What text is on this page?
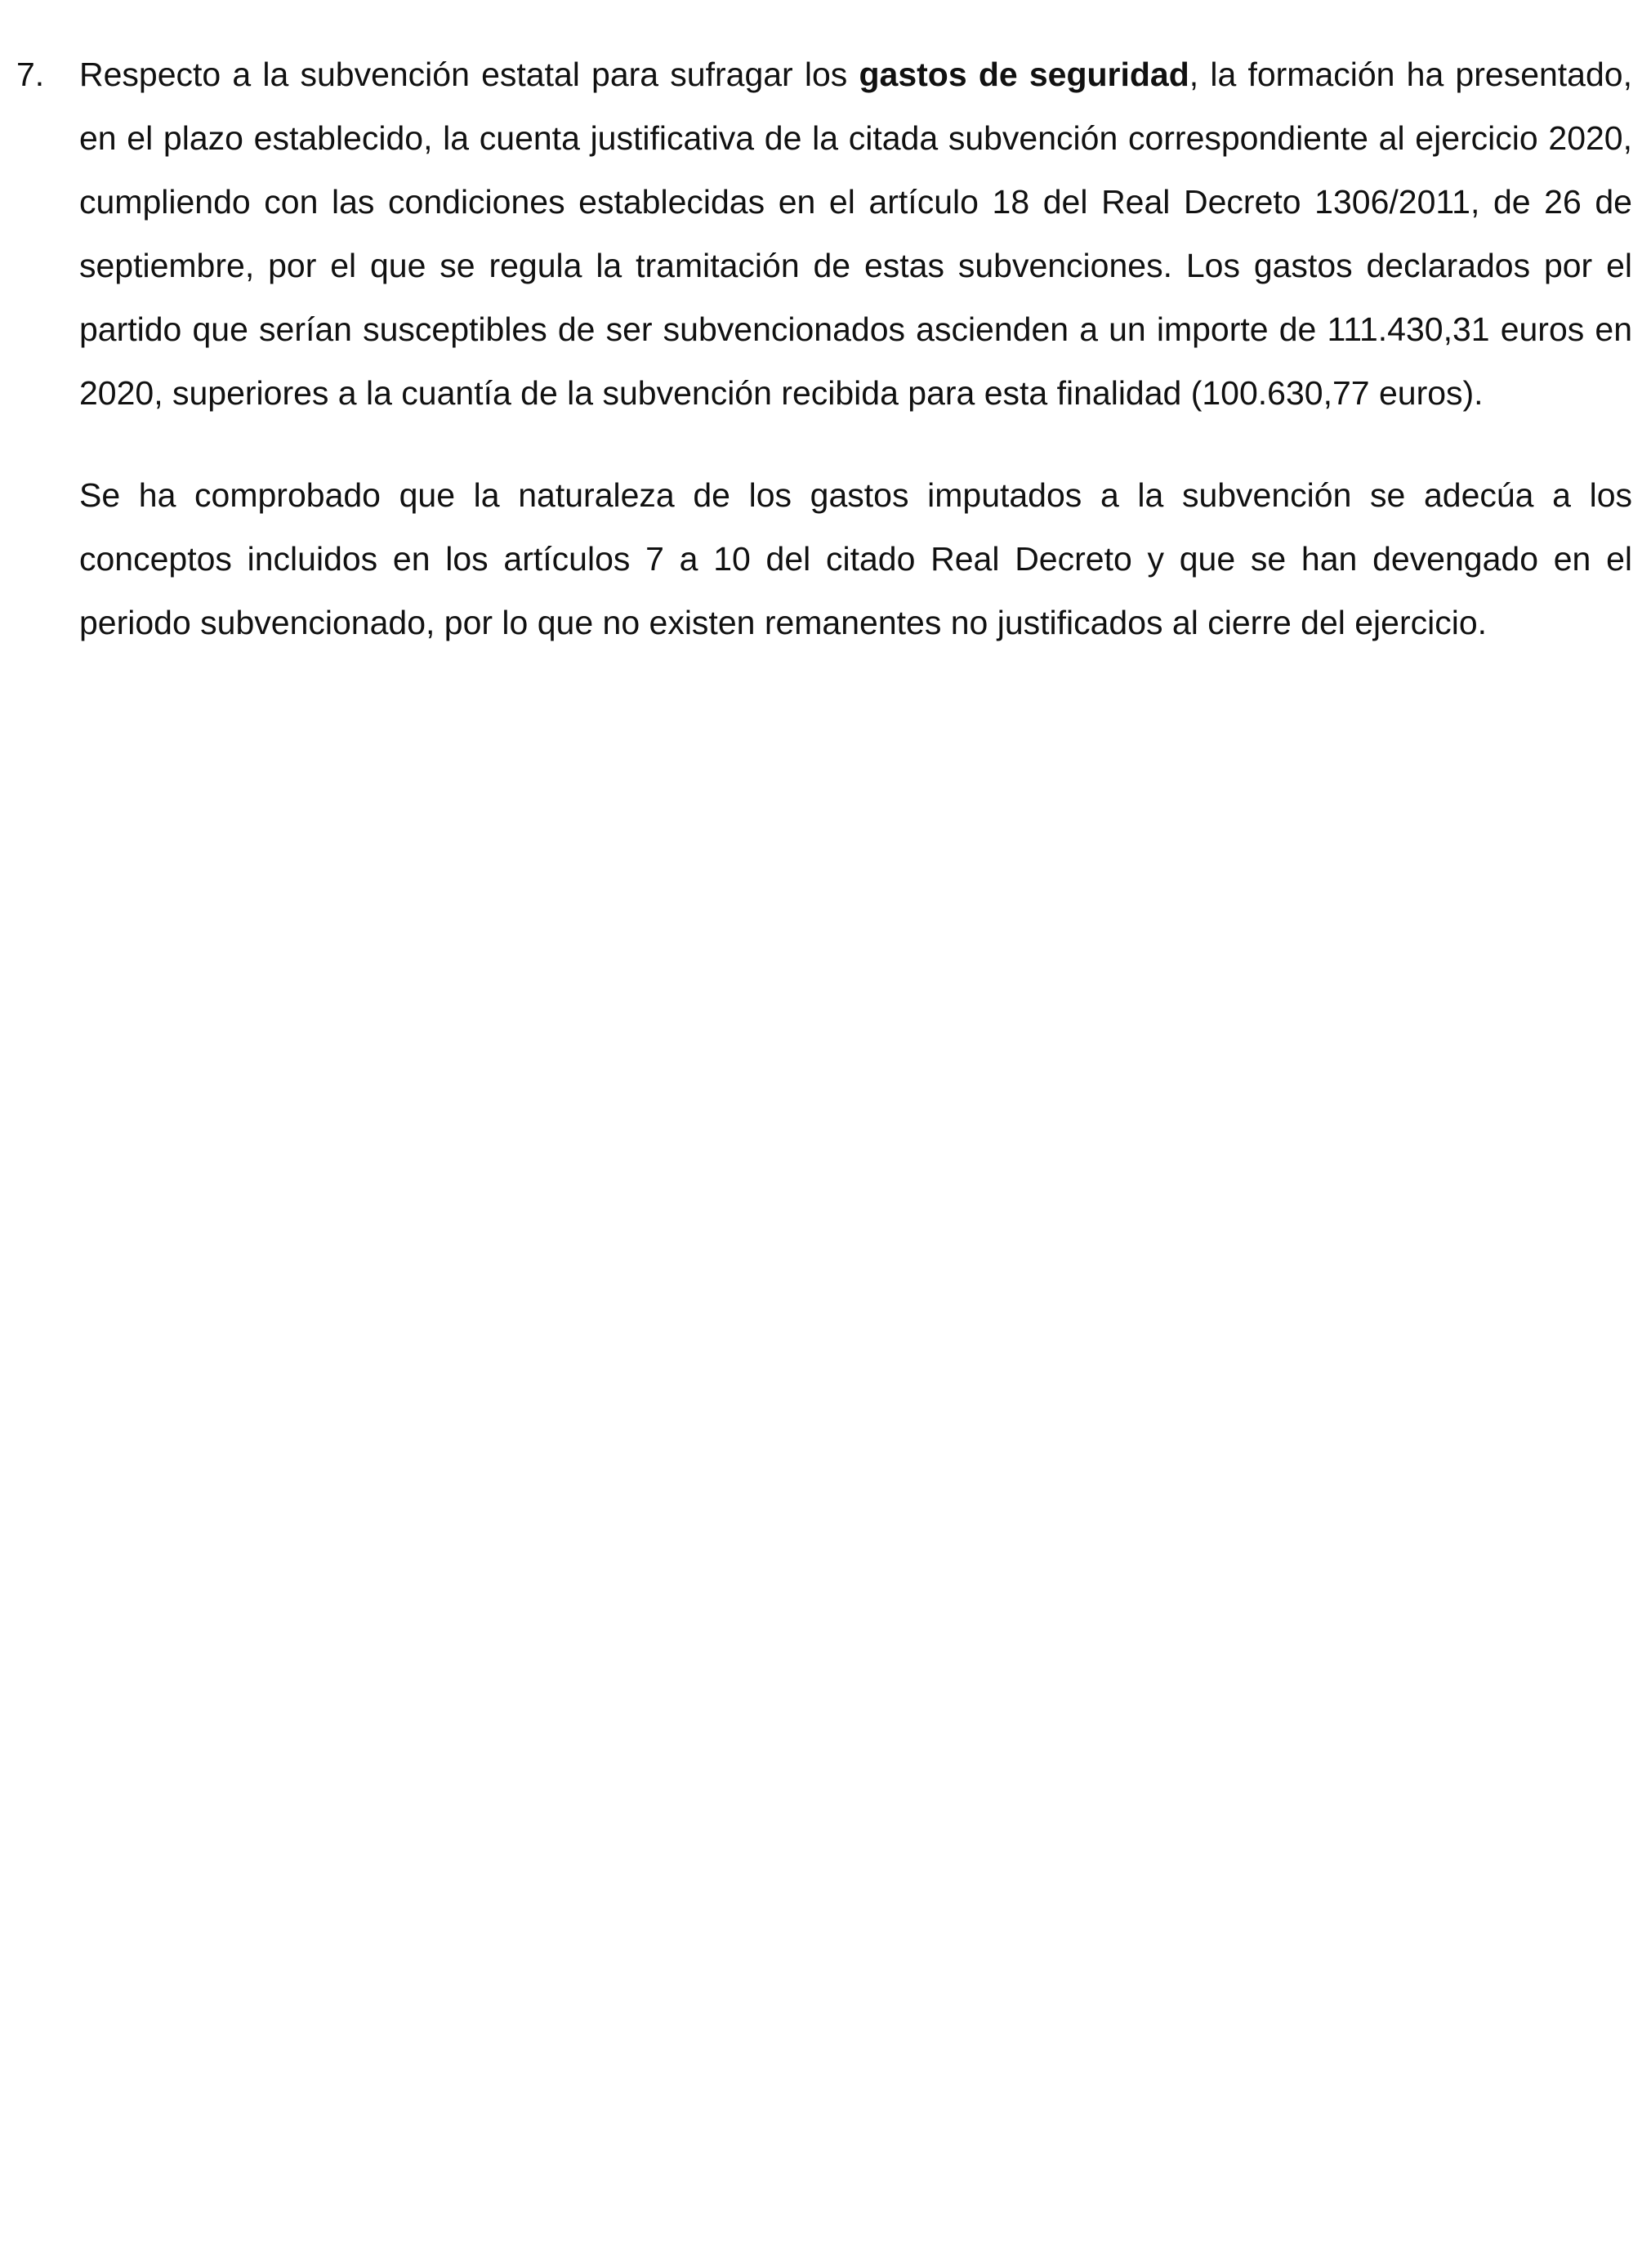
7. Respecto a la subvención estatal para sufragar los gastos de seguridad, la formación ha presentado, en el plazo establecido, la cuenta justificativa de la citada subvención correspondiente al ejercicio 2020, cumpliendo con las condiciones establecidas en el artículo 18 del Real Decreto 1306/2011, de 26 de septiembre, por el que se regula la tramitación de estas subvenciones. Los gastos declarados por el partido que serían susceptibles de ser subvencionados ascienden a un importe de 111.430,31 euros en 2020, superiores a la cuantía de la subvención recibida para esta finalidad (100.630,77 euros).

Se ha comprobado que la naturaleza de los gastos imputados a la subvención se adecúa a los conceptos incluidos en los artículos 7 a 10 del citado Real Decreto y que se han devengado en el periodo subvencionado, por lo que no existen remanentes no justificados al cierre del ejercicio.
